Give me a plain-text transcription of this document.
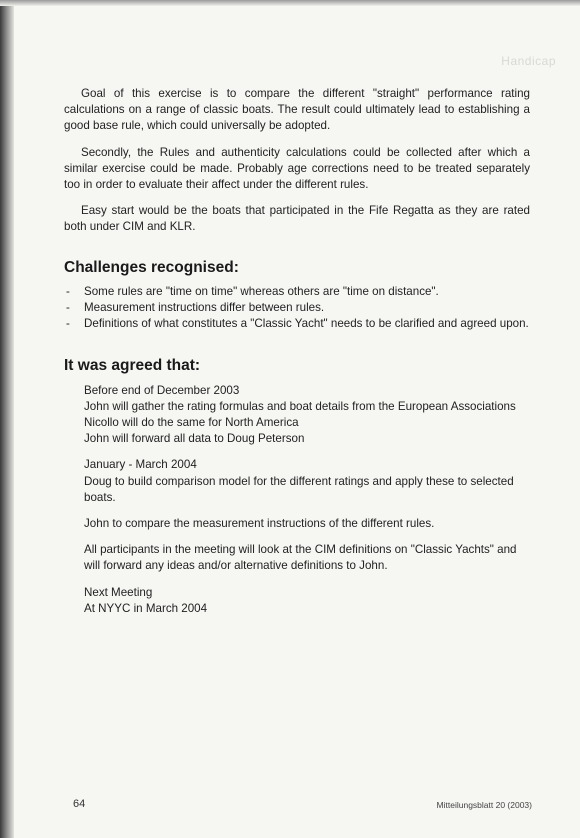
Handicap

Goal of this exercise is to compare the different "straight" performance rating calculations on a range of classic boats. The result could ultimately lead to establishing a good base rule, which could universally be adopted.

Secondly, the Rules and authenticity calculations could be collected after which a similar exercise could be made. Probably age corrections need to be treated separately too in order to evaluate their affect under the different rules.

Easy start would be the boats that participated in the Fife Regatta as they are rated both under CIM and KLR.

Challenges recognised:
- Some rules are "time on time" whereas others are "time on distance".
- Measurement instructions differ between rules.
- Definitions of what constitutes a "Classic Yacht" needs to be clarified and agreed upon.
It was agreed that:

Before end of December 2003

John will gather the rating formulas and boat details from the European Associations

Nicollo will do the same for North America

John will forward all data to Doug Peterson

January - March 2004

Doug to build comparison model for the different ratings and apply these to selected boats.

John to compare the measurement instructions of the different rules.

All participants in the meeting will look at the CIM definitions on "Classic Yachts" and will forward any ideas and/or alternative definitions to John.

Next Meeting

At NYYC in March 2004

64	Mitteilungsblatt 20 (2003)
